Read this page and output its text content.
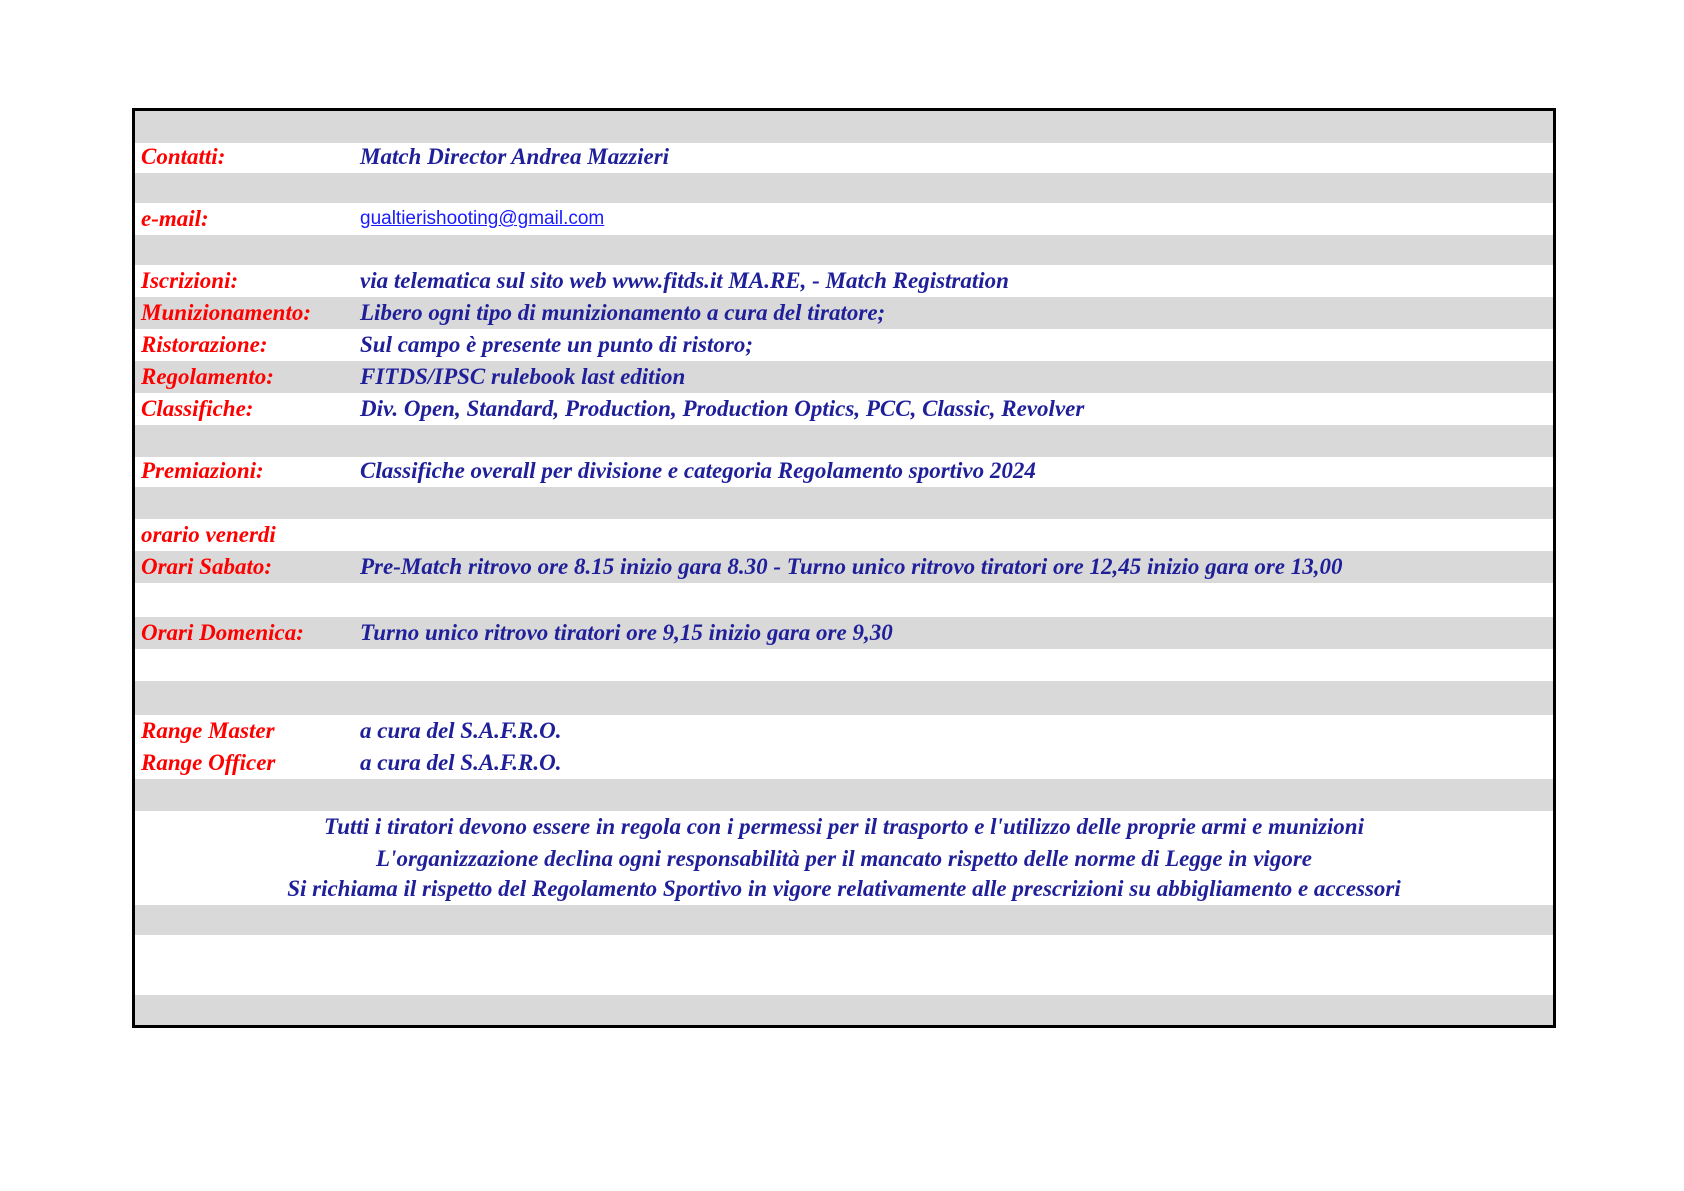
Contatti:	Match Director Andrea Mazzieri
e-mail:	gualtierishooting@gmail.com
Iscrizioni:	via telematica sul sito web www.fitds.it MA.RE, - Match Registration
Munizionamento: Libero ogni tipo di munizionamento a cura del tiratore;
Ristorazione:	Sul campo è presente un punto di ristoro;
Regolamento:	FITDS/IPSC rulebook last edition
Classifiche:	Div. Open, Standard, Production, Production Optics, PCC, Classic, Revolver
Premiazioni:	Classifiche overall per divisione e categoria Regolamento sportivo 2024
orario venerdi
Orari Sabato:	Pre-Match ritrovo ore 8.15 inizio gara 8.30 - Turno unico ritrovo tiratori ore 12,45 inizio gara ore 13,00
Orari Domenica: Turno unico ritrovo tiratori ore 9,15 inizio gara ore 9,30
Range Master	a cura del S.A.F.R.O.
Range Officer	a cura del S.A.F.R.O.
Tutti i tiratori devono essere in regola con i permessi per il trasporto e l'utilizzo delle proprie armi e munizioni
L'organizzazione declina ogni responsabilità per il mancato rispetto delle norme di Legge in vigore
Si richiama il rispetto del Regolamento Sportivo in vigore relativamente alle prescrizioni su abbigliamento e accessori
